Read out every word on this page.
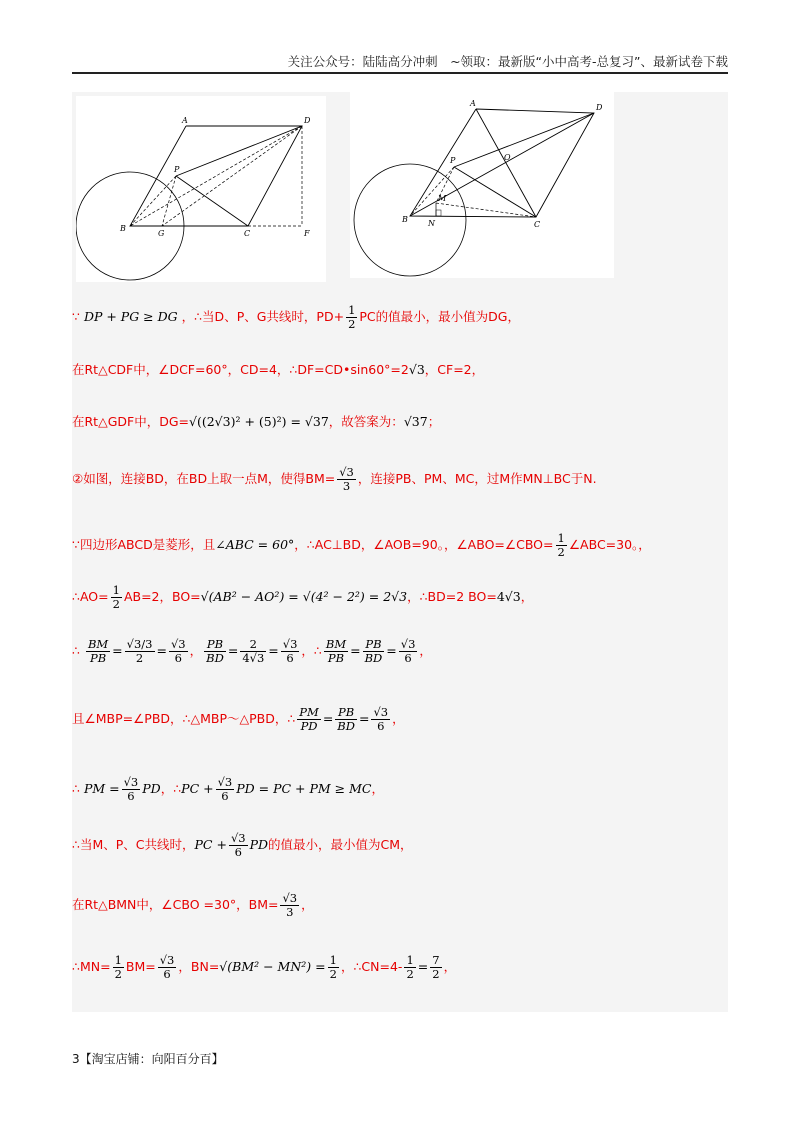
关注公众号：陆陆高分冲刺　~领取：最新版“小中高考-总复习”、最新试卷下载
A	D
P
B
G	C	F
A	D
P	O
B
M
N	C
∵ DP + PG ≥ DG ，∴当D、P、G共线时，$PD+ \frac{1}{2}$ PC的值最小，最小值为DG，
在Rt△CDF中，∠DCF=60°，CD=4，∴DF=CD•sin60°=2√3，CF=2，
在Rt△GDF中，DG=√((2√3)² + (5)²) = √37，故答案为：√37；
②如图，连接BD，在BD上取一点M，使得$BM= \frac{√3}{3}$ ，连接PB、PM、MC，过M作MN⊥BC于N.
∵四边形ABCD是菱形，且∠ABC = 60°，∴AC⊥BD，∠AOB=90。，∠ABO=∠CBO= $\frac{1}{2}$ ∠ABC=30。，
∴AO= $\frac{1}{2} AB=2$，BO=√(AB² − AO²) = √(4² − 2²) = 2√3，∴BD=2 BO=4√3，
∴ $\frac{BM}{PB} = \frac{√3/3}{2} = \frac{√3}{6}$ ， $\frac{PB}{BD} = \frac{2}{4√3} = \frac{√3}{6}$ ，∴ $\frac{BM}{PB} = \frac{PB}{BD} = \frac{√3}{6}$ ，
且∠MBP=∠PBD，∴△MBP～△PBD，∴ $\frac{PM}{PD} = \frac{PB}{BD} = \frac{√3}{6}$ ，
∴ PM = $\frac{√3}{6}$ PD，∴PC + $\frac{√3}{6}$ PD = PC + PM ≥ MC，
∴当M、P、C共线时，PC + $\frac{√3}{6}$ PD的值最小，最小值为CM，
在Rt△BMN中，∠CBO =30°，$BM= \frac{√3}{3}$ ，
∴MN= $\frac{1}{2} BM= \frac{√3}{6}$ ，$BN=√(BM^2 - MN^2) = \frac{1}{2}$ ，∴CN=4- $\frac{1}{2} = \frac{7}{2}$ ，
3【淘宝店铺：向阳百分百】
